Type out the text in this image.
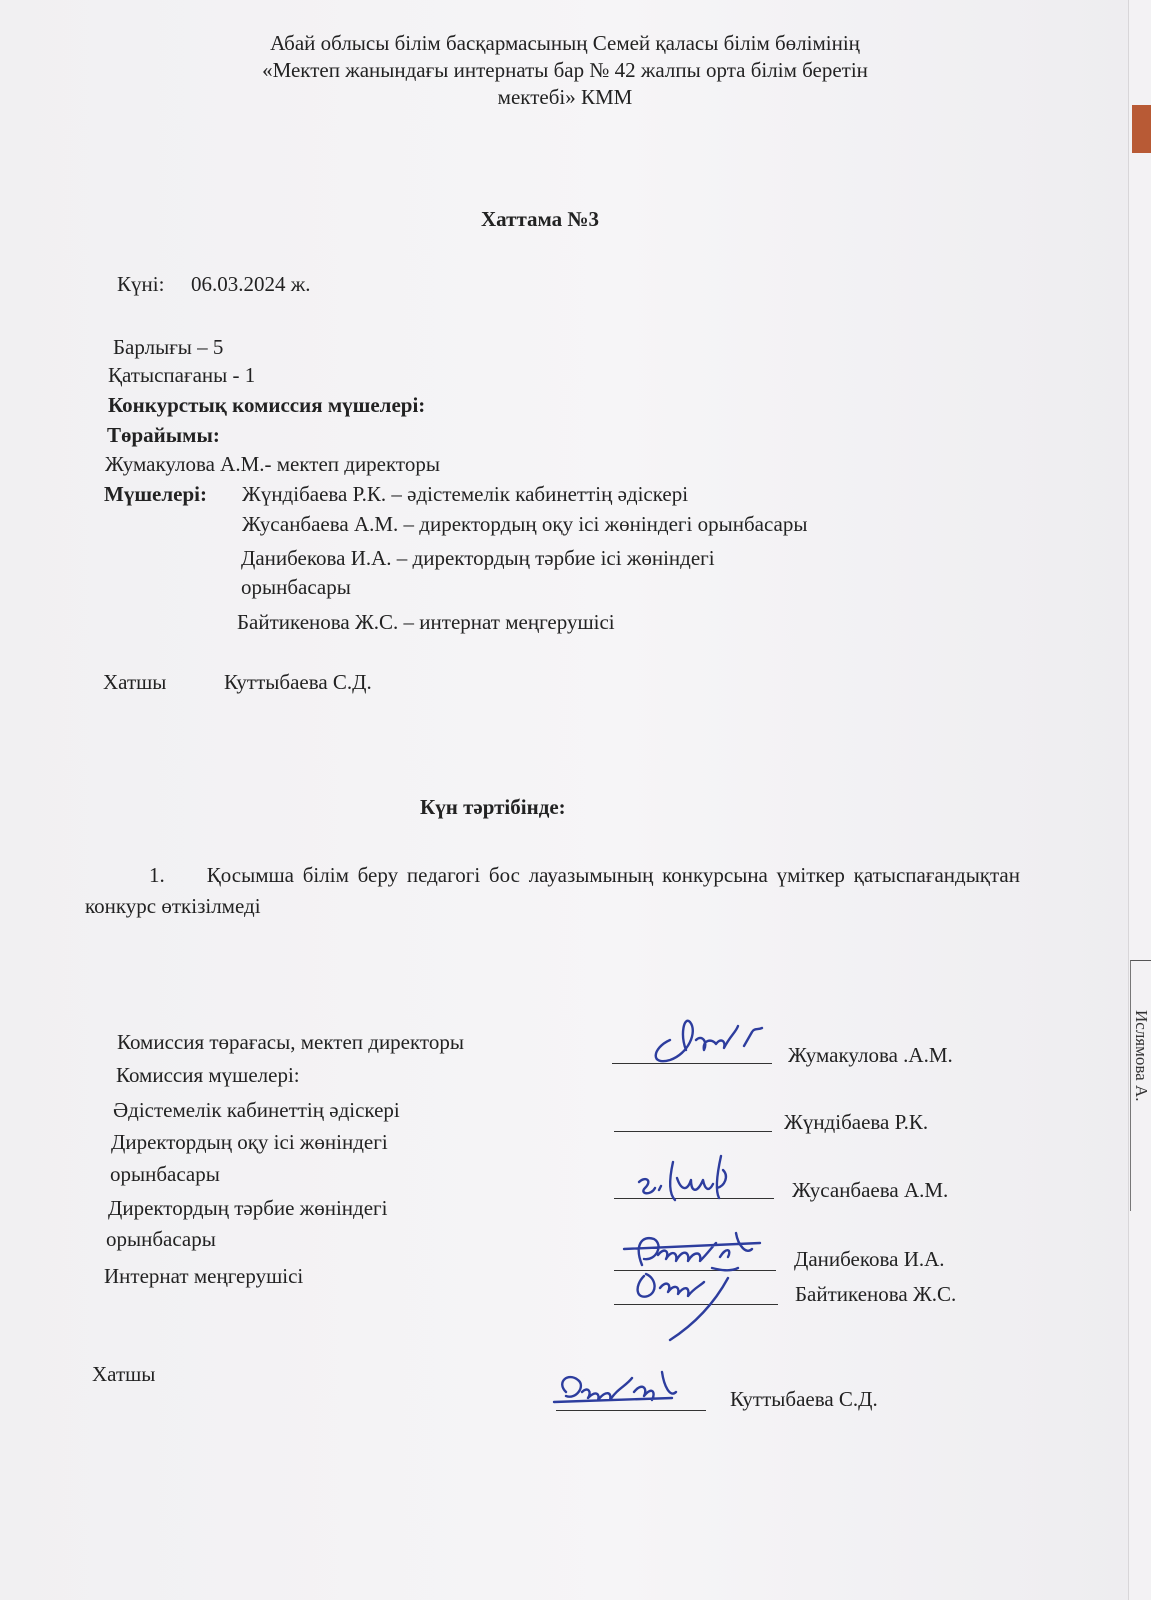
Абай облысы білім басқармасының Семей қаласы білім бөлімінің
«Мектеп жанындағы интернаты бар № 42 жалпы орта білім беретін
мектебі» КММ
Хаттама №3
Күні: 06.03.2024 ж.
Барлығы – 5
Қатыспағаны - 1
Конкурстық комиссия мүшелері:
Төрайымы:
Жумакулова А.М.- мектеп директоры
Мүшелері: Жүндібаева Р.К. – әдістемелік кабинеттің әдіскері
Жусанбаева А.М. – директордың оқу ісі жөніндегі орынбасары
Данибекова И.А. – директордың тәрбие ісі жөніндегі
орынбасары
Байтикенова Ж.С. – интернат меңгерушісі
Хатшы	Куттыбаева С.Д.
Күн тәртібінде:
1. Қосымша білім беру педагогі бос лауазымының конкурсына үміткер қатыспағандықтан конкурс өткізілмеді
Комиссия төрағасы, мектеп директоры
Жумакулова .А.М.
Комиссия мүшелері:
Әдістемелік кабинеттің әдіскері	Жүндібаева Р.К.
Директордың оқу ісі жөніндегі
орынбасары
Жусанбаева А.М.
Директордың тәрбие жөніндегі
орынбасары
Данибекова И.А.
Интернат меңгерушісі
Байтикенова Ж.С.
Хатшы
Куттыбаева С.Д.
Ислямова А.
